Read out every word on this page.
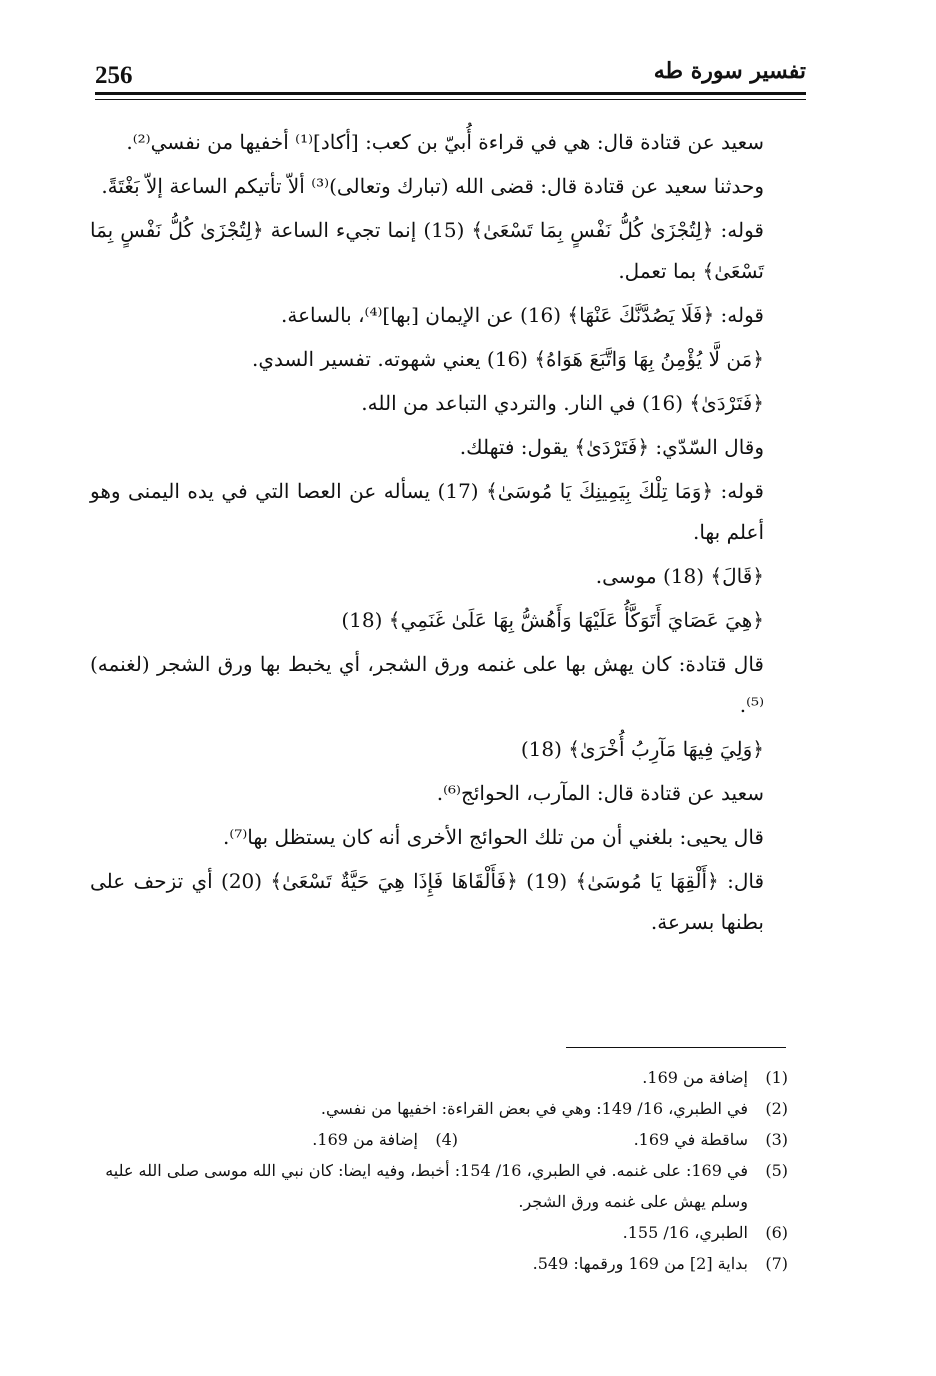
256	تفسير سورة طه

سعيد عن قتادة قال: هي في قراءة أُبيّ بن كعب: [أكاد]⁽¹⁾ أخفيها من نفسي⁽²⁾.

وحدثنا سعيد عن قتادة قال: قضى الله (تبارك وتعالى)⁽³⁾ ألاّ تأتيكم الساعة إلاّ بَغْتَةً.

قوله: ﴿لِتُجْزَىٰ كُلُّ نَفْسٍ بِمَا تَسْعَىٰ﴾ (15) إنما تجيء الساعة ﴿لِتُجْزَىٰ كُلُّ نَفْسٍ بِمَا تَسْعَىٰ﴾ بما تعمل.

قوله: ﴿فَلَا يَصُدَّنَّكَ عَنْهَا﴾ (16) عن الإيمان [بها]⁽⁴⁾، بالساعة.

﴿مَن لَّا يُؤْمِنُ بِهَا وَاتَّبَعَ هَوَاهُ﴾ (16) يعني شهوته. تفسير السدي.

﴿فَتَرْدَىٰ﴾ (16) في النار. والتردي التباعد من الله.

وقال السّدّي: ﴿فَتَرْدَىٰ﴾ يقول: فتهلك.

قوله: ﴿وَمَا تِلْكَ بِيَمِينِكَ يَا مُوسَىٰ﴾ (17) يسأله عن العصا التي في يده اليمنى وهو أعلم بها.

﴿قَالَ﴾ (18) موسى.

﴿هِيَ عَصَايَ أَتَوَكَّأُ عَلَيْهَا وَأَهُشُّ بِهَا عَلَىٰ غَنَمِي﴾ (18)

قال قتادة: كان يهش بها على غنمه ورق الشجر، أي يخبط بها ورق الشجر (لغنمه)⁽⁵⁾.

﴿وَلِيَ فِيهَا مَآرِبُ أُخْرَىٰ﴾ (18)

سعيد عن قتادة قال: المآرب، الحوائج⁽⁶⁾.

قال يحيى: بلغني أن من تلك الحوائج الأخرى أنه كان يستظل بها⁽⁷⁾.

قال: ﴿أَلْقِهَا يَا مُوسَىٰ﴾ (19) ﴿فَأَلْقَاهَا فَإِذَا هِيَ حَيَّةٌ تَسْعَىٰ﴾ (20) أي تزحف على بطنها بسرعة.

(1)
إضافة من 169.
(2)
في الطبري، 16/ 149: وهي في بعض القراءة: اخفيها من نفسي.
(3)
ساقطة في 169.
(4)
إضافة من 169.
(5)
في 169: على غنمه. في الطبري، 16/ 154: أخبط، وفيه ايضا: كان نبي الله موسى صلى الله عليه وسلم يهش على غنمه ورق الشجر.
(6)
الطبري، 16/ 155.
(7)
بداية [2] من 169 ورقمها: 549.
